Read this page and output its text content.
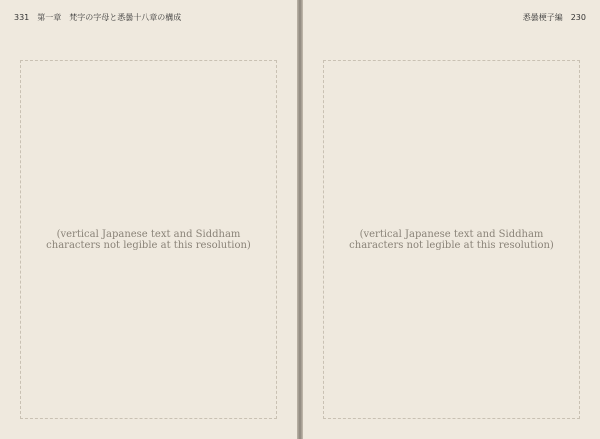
331　第一章　梵字の字母と悉曇十八章の構成
(vertical Japanese text and Siddham characters not legible at this resolution)
悉曇梗子編　230
(vertical Japanese text and Siddham characters not legible at this resolution)
